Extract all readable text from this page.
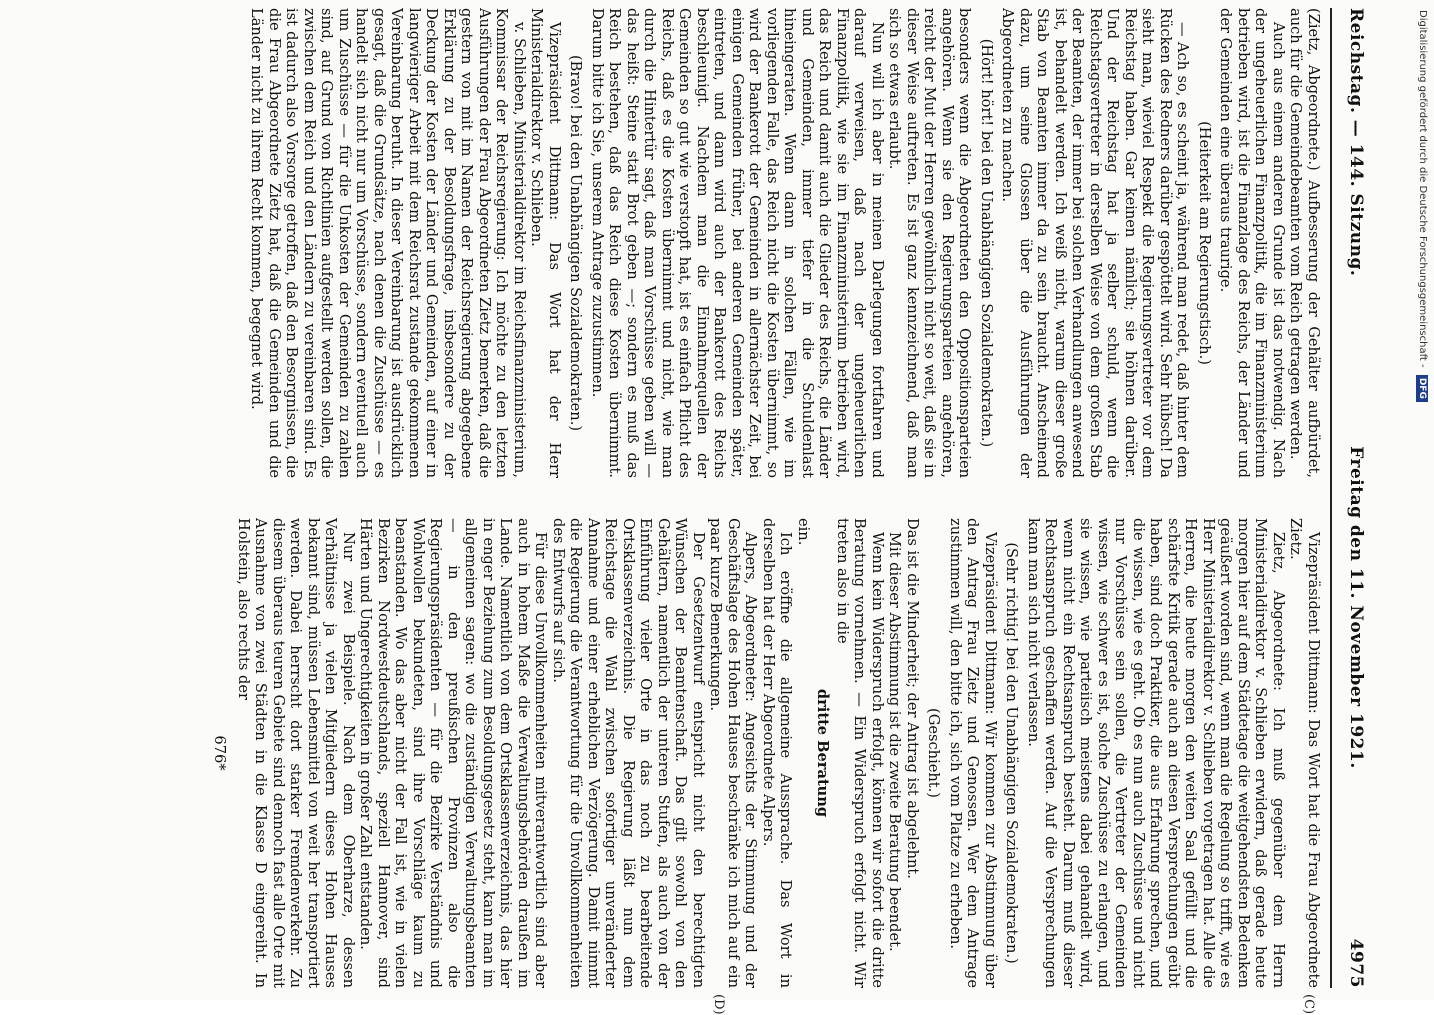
Reichstag. — 144. Sitzung.
Freitag den 11. November 1921.
4975
(C)
(D)

(Zietz, Abgeordnete.) Aufbesserung der Gehälter aufbürdet, auch für die Gemeindebeamten vom Reich getragen werden.

Auch aus einem anderen Grunde ist das notwendig. Nach der ungeheuerlichen Finanzpolitik, die im Finanzministerium betrieben wird, ist die Finanzlage des Reichs, der Länder und der Gemeinden eine überaus traurige.

(Heiterkeit am Regierungstisch.)

— Ach so, es scheint ja, während man redet, daß hinter dem Rücken des Redners darüber gespöttelt wird. Sehr hübsch! Da sieht man, wieviel Respekt die Regierungsvertreter vor dem Reichstag haben. Gar keinen nämlich; sie höhnen darüber. Und der Reichstag hat ja selber schuld, wenn die Reichstagsvertreter in derselben Weise von dem großen Stab der Beamten, der immer bei solchen Verhandlungen anwesend ist, behandelt werden. Ich weiß nicht, warum dieser große Stab von Beamten immer da zu sein braucht. Anscheinend dazu, um seine Glossen über die Ausführungen der Abgeordneten zu machen.

(Hört! hört! bei den Unabhängigen Sozialdemokraten.)

besonders wenn die Abgeordneten den Oppositionsparteien angehören. Wenn sie den Regierungsparteien angehören, reicht der Mut der Herren gewöhnlich nicht so weit, daß sie in dieser Weise auftreten. Es ist ganz kennzeichnend, daß man sich so etwas erlaubt.

Nun will ich aber in meinen Darlegungen fortfahren und darauf verweisen, daß nach der ungeheuerlichen Finanzpolitik, wie sie im Finanzministerium betrieben wird, das Reich und damit auch die Glieder des Reichs, die Länder und Gemeinden, immer tiefer in die Schuldenlast hineingeraten. Wenn dann in solchen Fällen, wie im vorliegenden Falle, das Reich nicht die Kosten übernimmt, so wird der Bankerott der Gemeinden in allernächster Zeit, bei einigen Gemeinden früher, bei anderen Gemeinden später, eintreten, und dann wird auch der Bankerott des Reichs beschleunigt. Nachdem man die Einnahmequellen der Gemeinden so gut wie verstopft hat, ist es einfach Pflicht des Reichs, daß es die Kosten übernimmt und nicht, wie man durch die Hintertür sagt, daß man Vorschüsse geben will — das heißt: Steine statt Brot geben —; sondern es muß das Reich bestehen, daß das Reich diese Kosten übernimmt. Darum bitte ich Sie, unserem Antrage zuzustimmen.

(Bravo! bei den Unabhängigen Sozialdemokraten.)

Vizepräsident Dittmann: Das Wort hat der Herr Ministerialdirektor v. Schlieben.

v. Schlieben, Ministerialdirektor im Reichsfinanzministerium, Kommissar der Reichsregierung: Ich möchte zu den letzten Ausführungen der Frau Abgeordneten Zietz bemerken, daß die gestern von mit im Namen der Reichsregierung abgegebene Erklärung zu der Besoldungsfrage, insbesondere zu der Deckung der Kosten der Länder und Gemeinden, auf einer in langwieriger Arbeit mit dem Reichsrat zustande gekommenen Vereinbarung beruht. In dieser Vereinbarung ist ausdrücklich gesagt, daß die Grundsätze, nach denen die Zuschüsse — es handelt sich nicht nur um Vorschüsse, sondern eventuell auch um Zuschüsse — für die Unkosten der Gemeinden zu zahlen sind, auf Grund von Richtlinien aufgestellt werden sollen, die zwischen dem Reich und den Ländern zu vereinbaren sind. Es ist dadurch also Vorsorge getroffen, daß den Besorgnissen, die die Frau Abgeordnete Zietz hat, daß die Gemeinden und die Länder nicht zu ihrem Recht kommen, begegnet wird.

Vizepräsident Dittmann: Das Wort hat die Frau Abgeordnete Zietz.

Zietz, Abgeordnete: Ich muß gegenüber dem Herrn Ministerialdirektor v. Schlieben erwidern, daß gerade heute morgen hier auf dem Städtetage die weitgehendsten Bedenken geäußert worden sind, wenn man die Regelung so trifft, wie es Herr Ministerialdirektor v. Schlieben vorgetragen hat. Alle die Herren, die heute morgen den weiten Saal gefüllt und die schärfste Kritik gerade auch an diesen Versprechungen geübt haben, sind doch Praktiker, die aus Erfahrung sprechen, und die wissen, wie es geht. Ob es nun auch Zuschüsse und nicht nur Vorschüsse sein sollen, die Vertreter der Gemeinden wissen, wie schwer es ist, solche Zuschüsse zu erlangen, und sie wissen, wie parteiisch meistens dabei gehandelt wird, wenn nicht ein Rechtsanspruch besteht. Darum muß dieser Rechtsanspruch geschaffen werden. Auf die Versprechungen kann man sich nicht verlassen.

(Sehr richtig! bei den Unabhängigen Sozialdemokraten.)

Vizepräsident Dittmann: Wir kommen zur Abstimmung über den Antrag Frau Zietz und Genossen. Wer dem Antrage zustimmen will, den bitte ich, sich vom Platze zu erheben.

(Geschieht.)

Das ist die Minderheit; der Antrag ist abgelehnt.

Mit dieser Abstimmung ist die zweite Beratung beendet.

Wenn kein Widerspruch erfolgt, können wir sofort die dritte Beratung vornehmen. — Ein Widerspruch erfolgt nicht. Wir treten also in die

dritte Beratung

ein.

Ich eröffne die allgemeine Aussprache. Das Wort in derselben hat der Herr Abgeordnete Alpers.

Alpers, Abgeordneter: Angesichts der Stimmung und der Geschäftslage des Hohen Hauses beschränke ich mich auf ein paar kurze Bemerkungen.

Der Gesetzentwurf entspricht nicht den berechtigten Wünschen der Beamtenschaft. Das gilt sowohl von den Gehältern, namentlich der unteren Stufen, als auch von der Einführung vieler Orte in das noch zu bearbeitende Ortsklassenverzeichnis. Die Regierung läßt nun dem Reichstage die Wahl zwischen sofortiger unveränderter Annahme und einer erheblichen Verzögerung. Damit nimmt die Regierung die Verantwortung für die Unvollkommenheiten des Entwurfs auf sich.

Für diese Unvollkommenheiten mitverantwortlich sind aber auch in hohem Maße die Verwaltungsbehörden draußen im Lande. Namentlich von dem Ortsklassenverzeichnis, das hier in enger Beziehung zum Besoldungsgesetz steht, kann man im allgemeinen sagen: wo die zuständigen Verwaltungsbeamten — in den preußischen Provinzen also die Regierungspräsidenten — für die Bezirke Verständnis und Wohlwollen bekundeten, sind ihre Vorschläge kaum zu beanstanden. Wo das aber nicht der Fall ist, wie in vielen Bezirken Nordwestdeutschlands, speziell Hannover, sind Härten und Ungerechtigkeiten in großer Zahl entstanden.

Nur zwei Beispiele. Nach dem Oberharze, dessen Verhältnisse ja vielen Mitgliedern dieses Hohen Hauses bekannt sind, müssen Lebensmittel von weit her transportiert werden. Dabei herrscht dort starker Fremdenverkehr. Zu diesem überaus teuren Gebiete sind dennoch fast alle Orte mit Ausnahme von zwei Städten in die Klasse D eingereiht. In Holstein, also rechts der

676*

Digitalisierung gefördert durch die Deutsche Forschungsgemeinschaft - DFG
